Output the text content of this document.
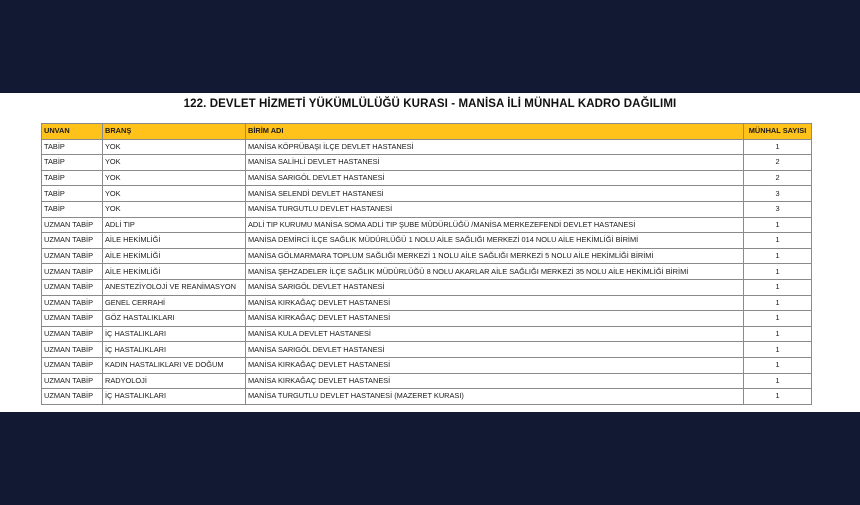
122. DEVLET HİZMETİ YÜKÜMLÜLÜĞÜ KURASI - MANİSA İLİ MÜNHAL KADRO DAĞILIMI
UNVAN	BRANŞ	BİRİM ADI	MÜNHAL SAYISI
TABİP	YOK	MANİSA KÖPRÜBAŞI İLÇE DEVLET HASTANESİ	1
TABİP	YOK	MANİSA SALİHLİ DEVLET HASTANESİ	2
TABİP	YOK	MANİSA SARIGÖL DEVLET HASTANESİ	2
TABİP	YOK	MANİSA SELENDİ DEVLET HASTANESİ	3
TABİP	YOK	MANİSA TURGUTLU DEVLET HASTANESİ	3
UZMAN TABİP	ADLİ TIP	ADLİ TIP KURUMU MANİSA SOMA ADLİ TIP ŞUBE MÜDÜRLÜĞÜ /MANİSA MERKEZEFENDİ DEVLET HASTANESİ	1
UZMAN TABİP	AİLE HEKİMLİĞİ	MANİSA DEMİRCİ İLÇE SAĞLIK MÜDÜRLÜĞÜ 1 NOLU AİLE SAĞLIĞI MERKEZİ 014 NOLU AİLE HEKİMLİĞİ BİRİMİ	1
UZMAN TABİP	AİLE HEKİMLİĞİ	MANİSA GÖLMARMARA TOPLUM SAĞLIĞI MERKEZİ 1 NOLU AİLE SAĞLIĞI MERKEZİ 5 NOLU AİLE HEKİMLİĞİ BİRİMİ	1
UZMAN TABİP	AİLE HEKİMLİĞİ	MANİSA ŞEHZADELER İLÇE SAĞLIK MÜDÜRLÜĞÜ 8 NOLU AKARLAR AİLE SAĞLIĞI MERKEZİ 35 NOLU AİLE HEKİMLİĞİ BİRİMİ	1
UZMAN TABİP	ANESTEZİYOLOJİ VE REANİMASYON	MANİSA SARIGÖL DEVLET HASTANESİ	1
UZMAN TABİP	GENEL CERRAHİ	MANİSA KIRKAĞAÇ DEVLET HASTANESİ	1
UZMAN TABİP	GÖZ HASTALIKLARI	MANİSA KIRKAĞAÇ DEVLET HASTANESİ	1
UZMAN TABİP	İÇ HASTALIKLARI	MANİSA KULA DEVLET HASTANESİ	1
UZMAN TABİP	İÇ HASTALIKLARI	MANİSA SARIGÖL DEVLET HASTANESİ	1
UZMAN TABİP	KADIN HASTALIKLARI VE DOĞUM	MANİSA KIRKAĞAÇ DEVLET HASTANESİ	1
UZMAN TABİP	RADYOLOJİ	MANİSA KIRKAĞAÇ DEVLET HASTANESİ	1
UZMAN TABİP	İÇ HASTALIKLARI	MANİSA TURGUTLU DEVLET HASTANESİ (MAZERET KURASI)	1
